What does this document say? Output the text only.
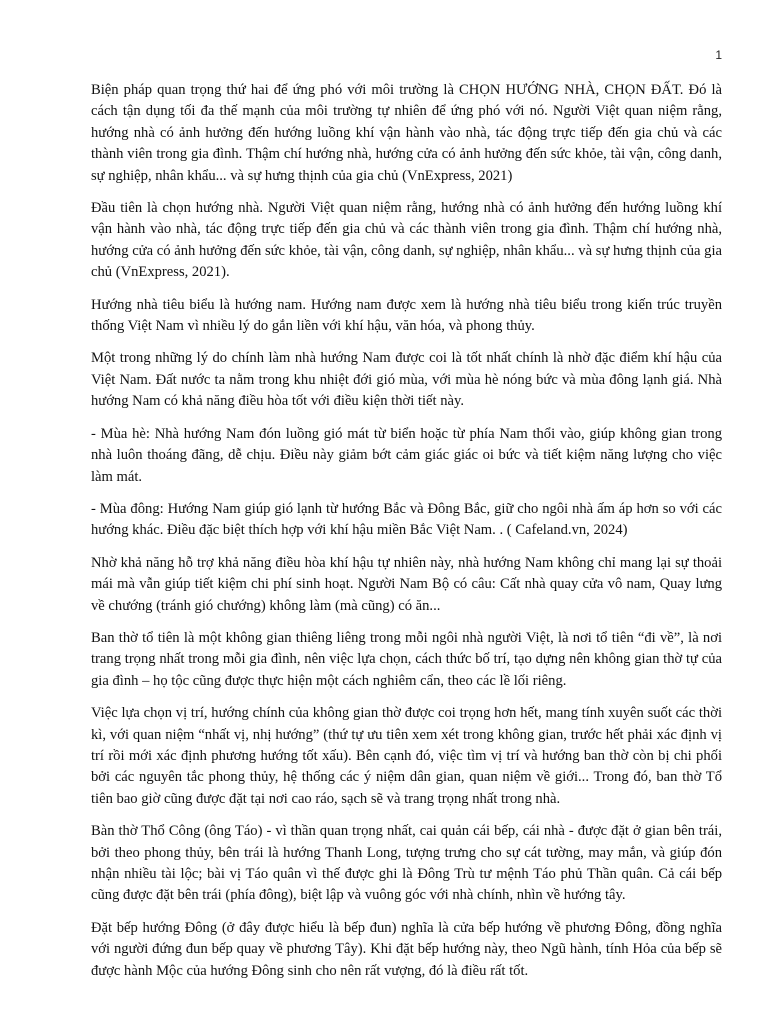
1

Biện pháp quan trọng thứ hai để ứng phó với môi trường là CHỌN HƯỚNG NHÀ, CHỌN ĐẤT. Đó là cách tận dụng tối đa thế mạnh của môi trường tự nhiên để ứng phó với nó. Người Việt quan niệm rằng, hướng nhà có ảnh hưởng đến hướng luồng khí vận hành vào nhà, tác động trực tiếp đến gia chủ và các thành viên trong gia đình. Thậm chí hướng nhà, hướng cửa có ảnh hưởng đến sức khỏe, tài vận, công danh, sự nghiệp, nhân khẩu... và sự hưng thịnh của gia chủ (VnExpress, 2021)

Đầu tiên là chọn hướng nhà. Người Việt quan niệm rằng, hướng nhà có ảnh hưởng đến hướng luồng khí vận hành vào nhà, tác động trực tiếp đến gia chủ và các thành viên trong gia đình. Thậm chí hướng nhà, hướng cửa có ảnh hưởng đến sức khỏe, tài vận, công danh, sự nghiệp, nhân khẩu... và sự hưng thịnh của gia chủ (VnExpress, 2021).

Hướng nhà tiêu biểu là hướng nam. Hướng nam được xem là hướng nhà tiêu biểu trong kiến trúc truyền thống Việt Nam vì nhiều lý do gắn liền với khí hậu, văn hóa, và phong thủy.

Một trong những lý do chính làm nhà hướng Nam được coi là tốt nhất chính là nhờ đặc điểm khí hậu của Việt Nam. Đất nước ta nằm trong khu nhiệt đới gió mùa, với mùa hè nóng bức và mùa đông lạnh giá. Nhà hướng Nam có khả năng điều hòa tốt với điều kiện thời tiết này.

- Mùa hè: Nhà hướng Nam đón luồng gió mát từ biển hoặc từ phía Nam thổi vào, giúp không gian trong nhà luôn thoáng đãng, dễ chịu. Điều này giảm bớt cảm giác giác oi bức và tiết kiệm năng lượng cho việc làm mát.

- Mùa đông: Hướng Nam giúp gió lạnh từ hướng Bắc và Đông Bắc, giữ cho ngôi nhà ấm áp hơn so với các hướng khác. Điều đặc biệt thích hợp với khí hậu miền Bắc Việt Nam. . ( Cafeland.vn, 2024)

Nhờ khả năng hỗ trợ khả năng điều hòa khí hậu tự nhiên này, nhà hướng Nam không chỉ mang lại sự thoải mái mà vẫn giúp tiết kiệm chi phí sinh hoạt. Người Nam Bộ có câu: Cất nhà quay cửa vô nam, Quay lưng về chướng (tránh gió chướng) không làm (mà cũng) có ăn...

Ban thờ tổ tiên là một không gian thiêng liêng trong mỗi ngôi nhà người Việt, là nơi tổ tiên “đi về”, là nơi trang trọng nhất trong mỗi gia đình, nên việc lựa chọn, cách thức bố trí, tạo dựng nên không gian thờ tự của gia đình – họ tộc cũng được thực hiện một cách nghiêm cẩn, theo các lề lối riêng.

Việc lựa chọn vị trí, hướng chính của không gian thờ được coi trọng hơn hết, mang tính xuyên suốt các thời kì, với quan niệm “nhất vị, nhị hướng” (thứ tự ưu tiên xem xét trong không gian, trước hết phải xác định vị trí rồi mới xác định phương hướng tốt xấu). Bên cạnh đó, việc tìm vị trí và hướng ban thờ còn bị chi phối bởi các nguyên tắc phong thủy, hệ thống các ý niệm dân gian, quan niệm về giới... Trong đó, ban thờ Tổ tiên bao giờ cũng được đặt tại nơi cao ráo, sạch sẽ và trang trọng nhất trong nhà.

Bàn thờ Thổ Công (ông Táo) - vì thần quan trọng nhất, cai quản cái bếp, cái nhà - được đặt ở gian bên trái, bởi theo phong thủy, bên trái là hướng Thanh Long, tượng trưng cho sự cát tường, may mắn, và giúp đón nhận nhiều tài lộc; bài vị Táo quân vì thế được ghi là Đông Trù tư mệnh Táo phủ Thần quân. Cả cái bếp cũng được đặt bên trái (phía đông), biệt lập và vuông góc với nhà chính, nhìn về hướng tây.

Đặt bếp hướng Đông (ở đây được hiểu là bếp đun) nghĩa là cửa bếp hướng về phương Đông, đồng nghĩa với người đứng đun bếp quay về phương Tây). Khi đặt bếp hướng này, theo Ngũ hành, tính Hỏa của bếp sẽ được hành Mộc của hướng Đông sinh cho nên rất vượng, đó là điều rất tốt.
